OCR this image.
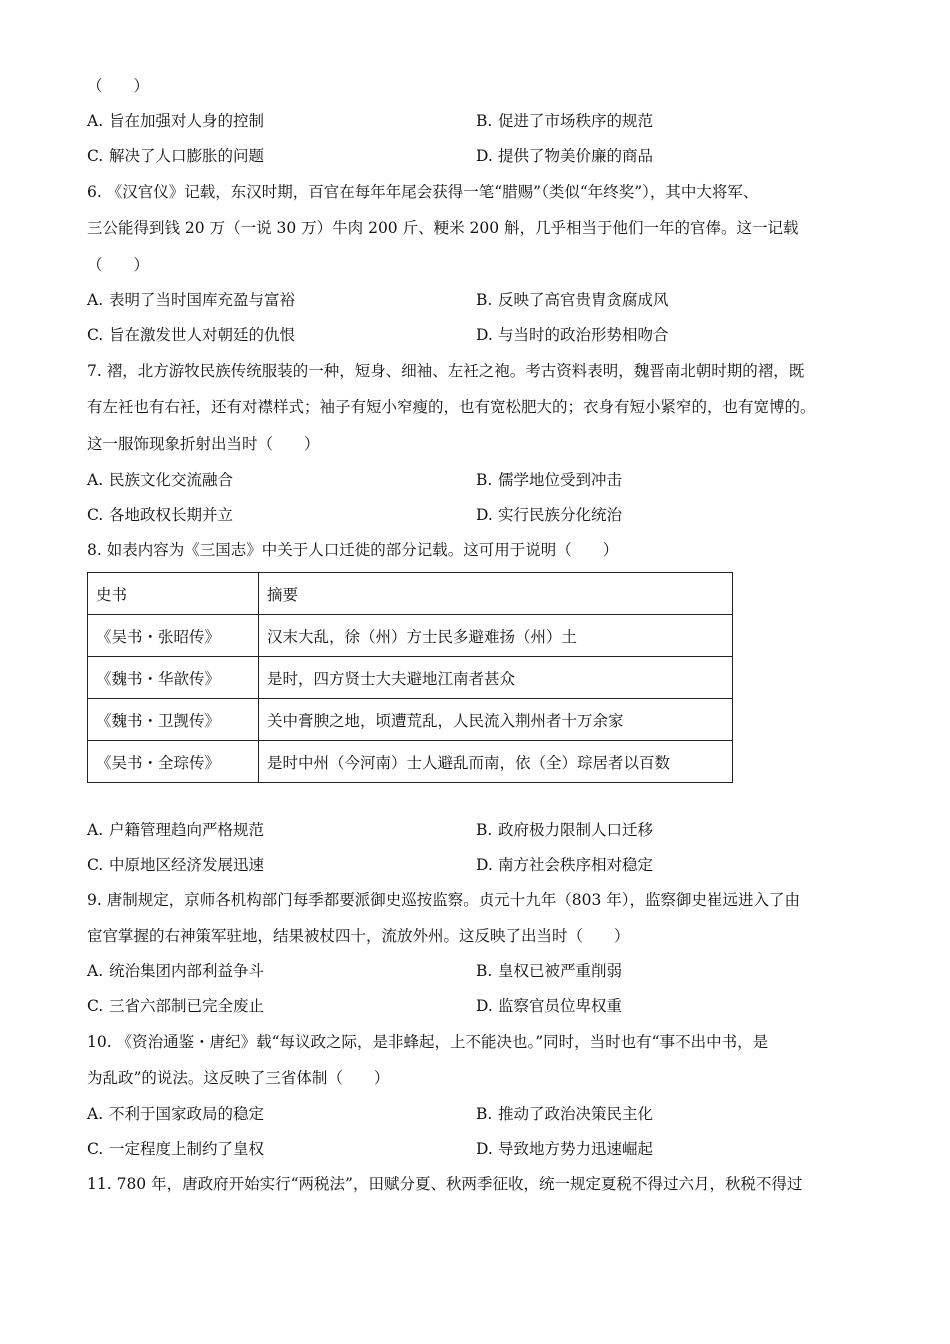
（　　）
A. 旨在加强对人身的控制	B. 促进了市场秩序的规范
C. 解决了人口膨胀的问题	D. 提供了物美价廉的商品
6. 《汉官仪》记载，东汉时期，百官在每年年尾会获得一笔“腊赐”（类似“年终奖”），其中大将军、
三公能得到钱 20 万（一说 30 万）牛肉 200 斤、粳米 200 斛，几乎相当于他们一年的官俸。这一记载
（　　）
A. 表明了当时国库充盈与富裕	B. 反映了高官贵胄贪腐成风
C. 旨在激发世人对朝廷的仇恨	D. 与当时的政治形势相吻合
7. 褶，北方游牧民族传统服装的一种，短身、细袖、左衽之袍。考古资料表明，魏晋南北朝时期的褶，既
有左衽也有右衽，还有对襟样式；袖子有短小窄瘦的，也有宽松肥大的；衣身有短小紧窄的，也有宽博的。
这一服饰现象折射出当时（　　）
A. 民族文化交流融合	B. 儒学地位受到冲击
C. 各地政权长期并立	D. 实行民族分化统治
8. 如表内容为《三国志》中关于人口迁徙的部分记载。这可用于说明（　　）
史书	摘要
《吴书・张昭传》	汉末大乱，徐（州）方士民多避难扬（州）土
《魏书・华歆传》	是时，四方贤士大夫避地江南者甚众
《魏书・卫觊传》	关中膏腴之地，顷遭荒乱，人民流入荆州者十万余家
《吴书・全琮传》	是时中州（今河南）士人避乱而南，依（全）琮居者以百数
A. 户籍管理趋向严格规范	B. 政府极力限制人口迁移
C. 中原地区经济发展迅速	D. 南方社会秩序相对稳定
9. 唐制规定，京师各机构部门每季都要派御史巡按监察。贞元十九年（803 年），监察御史崔远进入了由
宦官掌握的右神策军驻地，结果被杖四十，流放外州。这反映了出当时（　　）
A. 统治集团内部利益争斗	B. 皇权已被严重削弱
C. 三省六部制已完全废止	D. 监察官员位卑权重
10. 《资治通鉴・唐纪》载“每议政之际，是非蜂起，上不能决也。”同时，当时也有“事不出中书，是
为乱政”的说法。这反映了三省体制（　　）
A. 不利于国家政局的稳定	B. 推动了政治决策民主化
C. 一定程度上制约了皇权	D. 导致地方势力迅速崛起
11. 780 年，唐政府开始实行“两税法”，田赋分夏、秋两季征收，统一规定夏税不得过六月，秋税不得过
